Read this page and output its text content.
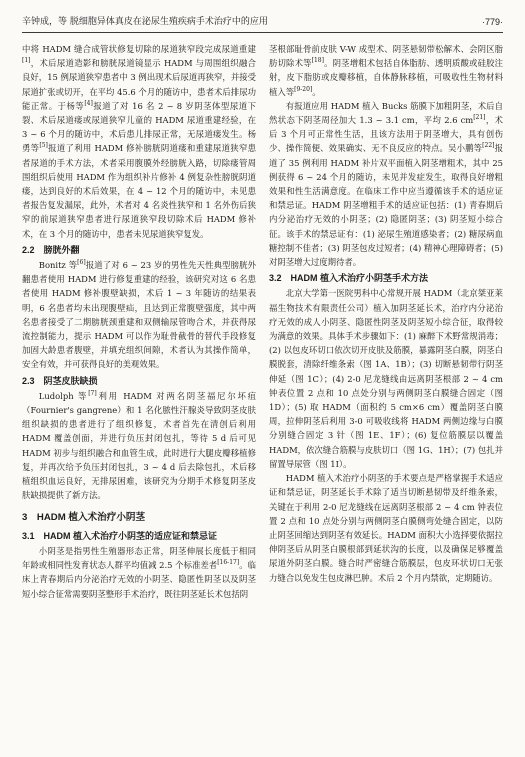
辛钟成，等 脱细胞异体真皮在泌尿生殖疾病手术治疗中的应用	·779·

中将 HADM 缝合成管状修复切除的尿道狭窄段完成尿道重建[1]，术后尿道造影和膀胱尿道镜显示 HADM 与周围组织融合良好，15 例尿道狭窄患者中 3 例出现术后尿道再狭窄，并接受尿道扩张或切开，在平均 45.6 个月的随访中，患者术后排尿功能正常。于杨等[4]报道了对 16 名 2 ~ 8 岁阴茎体型尿道下裂、术后尿道瘘或尿道狭窄儿童的 HADM 尿道重建经验，在 3 ~ 6 个月的随访中，术后患儿排尿正常，无尿道瘘发生。杨勇等[5]报道了利用 HADM 修补膀胱阴道瘘和重建尿道狭窄患者尿道的手术方法，术者采用腹膜外经膀胱入路，切除瘘管周围组织后使用 HADM 作为组织补片修补 4 例复杂性膀胱阴道瘘，达到良好的术后效果，在 4 ~ 12 个月的随访中，未见患者报告复发漏尿，此外，术者对 4 名炎性狭窄和 1 名外伤后狭窄的前尿道狭窄患者进行尿道狭窄段切除术后 HADM 修补术，在 3 个月的随访中，患者未见尿道狭窄复发。

2.2　膀胱外翻

Bonitz 等[6]报道了对 6 ~ 23 岁的男性先天性典型膀胱外翻患者使用 HADM 进行修复重建的经验，该研究对这 6 名患者使用 HADM 修补腹壁缺损，术后 1 ~ 3 年随访的结果表明，6 名患者均未出现腹壁疝，且达到正常腹壁强度，其中两名患者接受了二期膀胱颈重建和双侧输尿管吻合术，并获得尿流控制能力，提示 HADM 可以作为耻骨截骨的替代手段修复加固大龄患者腹壁，并填充组织间隙，术者认为其操作简单，安全有效，并可获得良好的美观效果。

2.3　阴茎皮肤缺损

Ludolph 等[7]利用 HADM 对两名阴茎福尼尔坏疽（Fournier's gangrene）和 1 名化脓性汗腺炎导致阴茎皮肤组织缺损的患者进行了组织修复，术者首先在清创后利用 HADM 覆盖创面，并进行负压封闭包扎，等待 5 d 后可见 HADM 初步与组织融合和血管生成，此时进行大腿皮瓣移植修复，并再次给予负压封闭包扎，3 ~ 4 d 后去除包扎，术后移植组织血运良好，无排尿困难，该研究为分期手术修复阴茎皮肤缺损提供了新方法。

3　HADM 植入术治疗小阴茎
3.1　HADM 植入术治疗小阴茎的适应证和禁忌证

小阴茎是指男性生殖器形态正常，阴茎伸展长度低于相同年龄或相同性发育状态人群平均值减 2.5 个标准差者[16-17]。临床上青春期后内分泌治疗无效的小阴茎、隐匿性阴茎以及阴茎短小综合征常需要阴茎整形手术治疗，既往阴茎延长术包括阴

茎根部耻骨前皮肤 V-W 成型术、阴茎悬韧带松解术、会阴区脂肪切除术等[18]。阴茎增粗术包括自体脂肪、透明质酸或硅胶注射，皮下脂肪或皮瓣移植，自体静脉移植，可吸收性生物材料植入等[9-20]。

有报道应用 HADM 植入 Bucks 筋膜下加粗阴茎，术后自然状态下阴茎周径加大 1.3 ~ 3.1 cm，平均 2.6 cm[21]，术后 3 个月可正常性生活，且该方法用于阴茎增大，具有创伤少、操作简便、效果确实、无不良反应的特点。吴小鹏等[22]报道了 35 例利用 HADM 补片双平面植入阴茎增粗术，其中 25 例获得 6 ~ 24 个月的随访，未见并发症发生，取得良好增粗效果和性生活满意度。在临床工作中应当遵循该手术的适应证和禁忌证。HADM 阴茎增粗手术的适应证包括：(1) 青春期后内分泌治疗无效的小阴茎；(2) 隐匿阴茎；(3) 阴茎短小综合征。该手术的禁忌证有：(1) 泌尿生殖道感染者；(2) 糖尿病血糖控制不佳者；(3) 阴茎包皮过短者；(4) 精神心理障碍者；(5) 对阴茎增大过度期待者。

3.2　HADM 植入术治疗小阴茎手术方法

北京大学第一医院男科中心常规开展 HADM（北京桀亚莱福生物技术有限责任公司）植入加阴茎延长术，治疗内分泌治疗无效的成人小阴茎、隐匿性阴茎及阴茎短小综合征，取得较为满意的效果。具体手术步骤如下：(1) 麻醉下术野常规消毒；(2) 以包皮环切口依次切开皮肤及筋膜，暴露阴茎白膜，阴茎白膜脱套，清除纤维条索（图 1A、1B）；(3) 切断悬韧带行阴茎伸延（图 1C）；(4) 2-0 尼龙缝线由远离阴茎根部 2 ~ 4 cm 钟表位置 2 点和 10 点处分别与两侧阴茎白膜缝合固定（图 1D）；(5) 取 HADM（面积约 5 cm×6 cm）覆盖阴茎白膜周，拉伸阴茎后利用 3-0 可吸收线将 HADM 两侧边缘与白膜分别缝合固定 3 针（图 1E、1F）；(6) 复位筋膜层以覆盖 HADM，依次缝合筋膜与皮肤切口（图 1G、1H）；(7) 包扎并留置导尿管（图 1I）。

HADM 植入术治疗小阴茎的手术要点是严格掌握手术适应证和禁忌证，阴茎延长手术除了适当切断悬韧带及纤维条索，关键在于利用 2-0 尼龙缝线在远离阴茎根部 2 ~ 4 cm 钟表位置 2 点和 10 点处分别与两侧阴茎白膜侧弯处缝合固定，以防止阴茎回缩达到阴茎有效延长。HADM 面积大小选择要依据拉伸阴茎后从阴茎白膜根部到延状沟的长度，以及确保足够覆盖尿道外阴茎白膜。缝合时严密缝合筋膜层，包皮环状切口无张力缝合以免发生包皮淋巴肿。术后 2 个月内禁欲，定期随访。
